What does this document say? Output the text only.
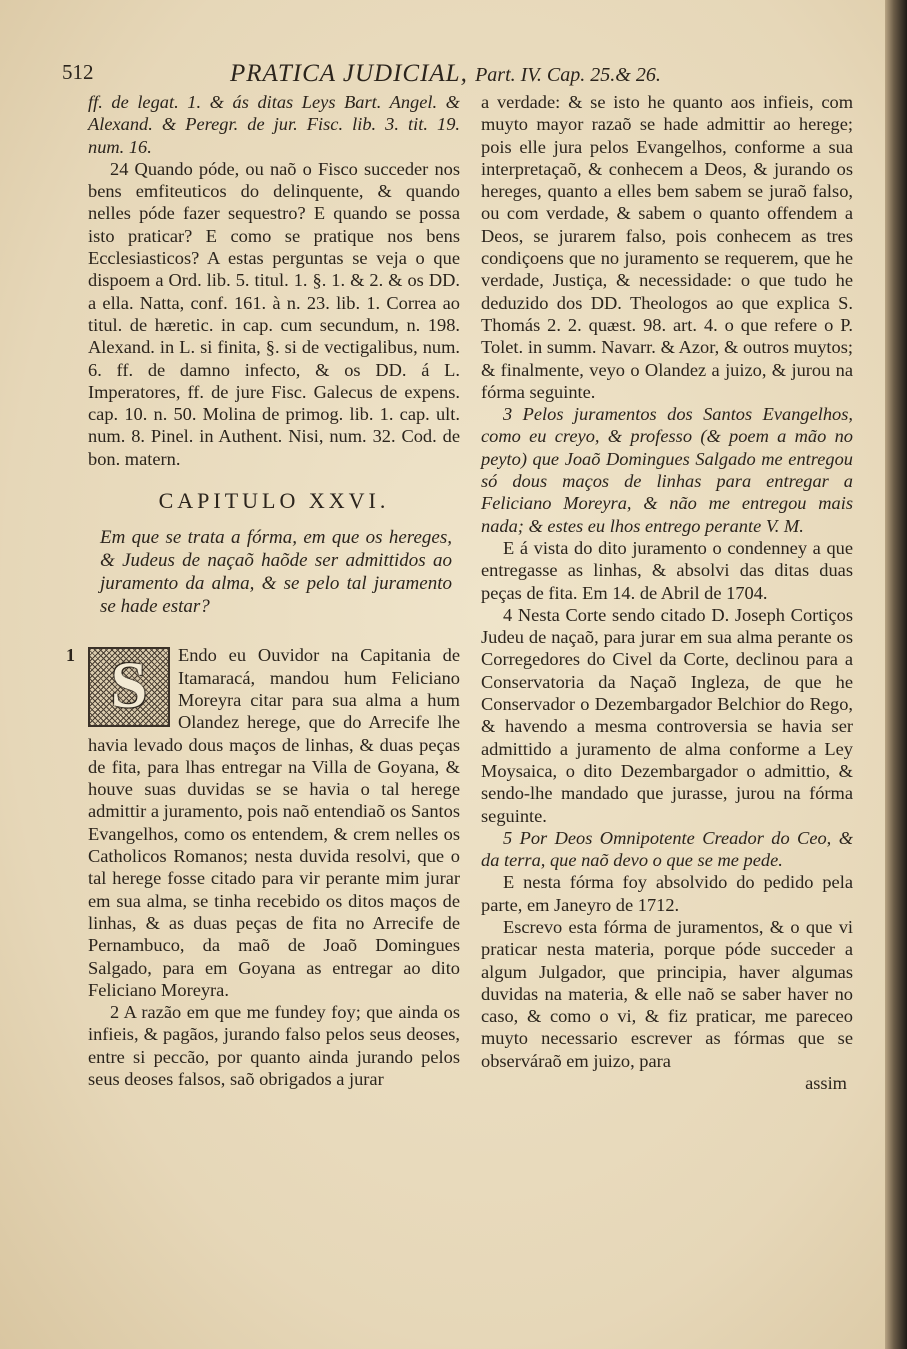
512	PRATICA JUDICIAL, Part. IV. Cap. 25.& 26.

ff. de legat. 1. & ás ditas Leys Bart. Angel. & Alexand. & Peregr. de jur. Fisc. lib. 3. tit. 19. num. 16.

24 Quando póde, ou naõ o Fisco succeder nos bens emfiteuticos do delinquente, & quando nelles póde fazer sequestro? E quando se possa isto praticar? E como se pratique nos bens Ecclesiasticos? A estas perguntas se veja o que dispoem a Ord. lib. 5. titul. 1. §. 1. & 2. & os DD. a ella. Natta, conf. 161. à n. 23. lib. 1. Correa ao titul. de hæretic. in cap. cum secundum, n. 198. Alexand. in L. si finita, §. si de vectigalibus, num. 6. ff. de damno infecto, & os DD. á L. Imperatores, ff. de jure Fisc. Galecus de expens. cap. 10. n. 50. Molina de primog. lib. 1. cap. ult. num. 8. Pinel. in Authent. Nisi, num. 32. Cod. de bon. matern.

CAPITULO XXVI.

Em que se trata a fórma, em que os hereges, & Judeus de naçaõ haõde ser admittidos ao juramento da alma, & se pelo tal juramento se hade estar?

1 S	Endo eu Ouvidor na Capitania de Itamaracá, mandou hum Feliciano Moreyra citar para sua alma a hum Olandez herege, que do Arrecife lhe havia levado dous maços de linhas, & duas peças de fita, para lhas entregar na Villa de Goyana, & houve suas duvidas se se havia o tal herege admittir a juramento, pois naõ entendiaõ os Santos Evangelhos, como os entendem, & crem nelles os Catholicos Romanos; nesta duvida resolvi, que o tal herege fosse citado para vir perante mim jurar em sua alma, se tinha recebido os ditos maços de linhas, & as duas peças de fita no Arrecife de Pernambuco, da maõ de Joaõ Domingues Salgado, para em Goyana as entregar ao dito Feliciano Moreyra.

2 A razão em que me fundey foy; que ainda os infieis, & pagãos, jurando falso pelos seus deoses, entre si peccão, por quanto ainda jurando pelos seus deoses falsos, saõ obrigados a jurar

a verdade: & se isto he quanto aos infieis, com muyto mayor razaõ se hade admittir ao herege; pois elle jura pelos Evangelhos, conforme a sua interpretaçaõ, & conhecem a Deos, & jurando os hereges, quanto a elles bem sabem se juraõ falso, ou com verdade, & sabem o quanto offendem a Deos, se jurarem falso, pois conhecem as tres condiçoens que no juramento se requerem, que he verdade, Justiça, & necessidade: o que tudo he deduzido dos DD. Theologos ao que explica S. Thomás 2. 2. quæst. 98. art. 4. o que refere o P. Tolet. in summ. Navarr. & Azor, & outros muytos; & finalmente, veyo o Olandez a juizo, & jurou na fórma seguinte.

3 Pelos juramentos dos Santos Evangelhos, como eu creyo, & professo (& poem a mão no peyto) que Joaõ Domingues Salgado me entregou só dous maços de linhas para entregar a Feliciano Moreyra, & não me entregou mais nada; & estes eu lhos entrego perante V. M.

E á vista do dito juramento o condenney a que entregasse as linhas, & absolvi das ditas duas peças de fita. Em 14. de Abril de 1704.

4 Nesta Corte sendo citado D. Joseph Cortiços Judeu de naçaõ, para jurar em sua alma perante os Corregedores do Civel da Corte, declinou para a Conservatoria da Naçaõ Ingleza, de que he Conservador o Dezembargador Belchior do Rego, & havendo a mesma controversia se havia ser admittido a juramento de alma conforme a Ley Moysaica, o dito Dezembargador o admittio, & sendo-lhe mandado que jurasse, jurou na fórma seguinte.

5 Por Deos Omnipotente Creador do Ceo, & da terra, que naõ devo o que se me pede.

E nesta fórma foy absolvido do pedido pela parte, em Janeyro de 1712.

Escrevo esta fórma de juramentos, & o que vi praticar nesta materia, porque póde succeder a algum Julgador, que principia, haver algumas duvidas na materia, & elle naõ se saber haver no caso, & como o vi, & fiz praticar, me pareceo muyto necessario escrever as fórmas que se observáraõ em juizo, para

assim
